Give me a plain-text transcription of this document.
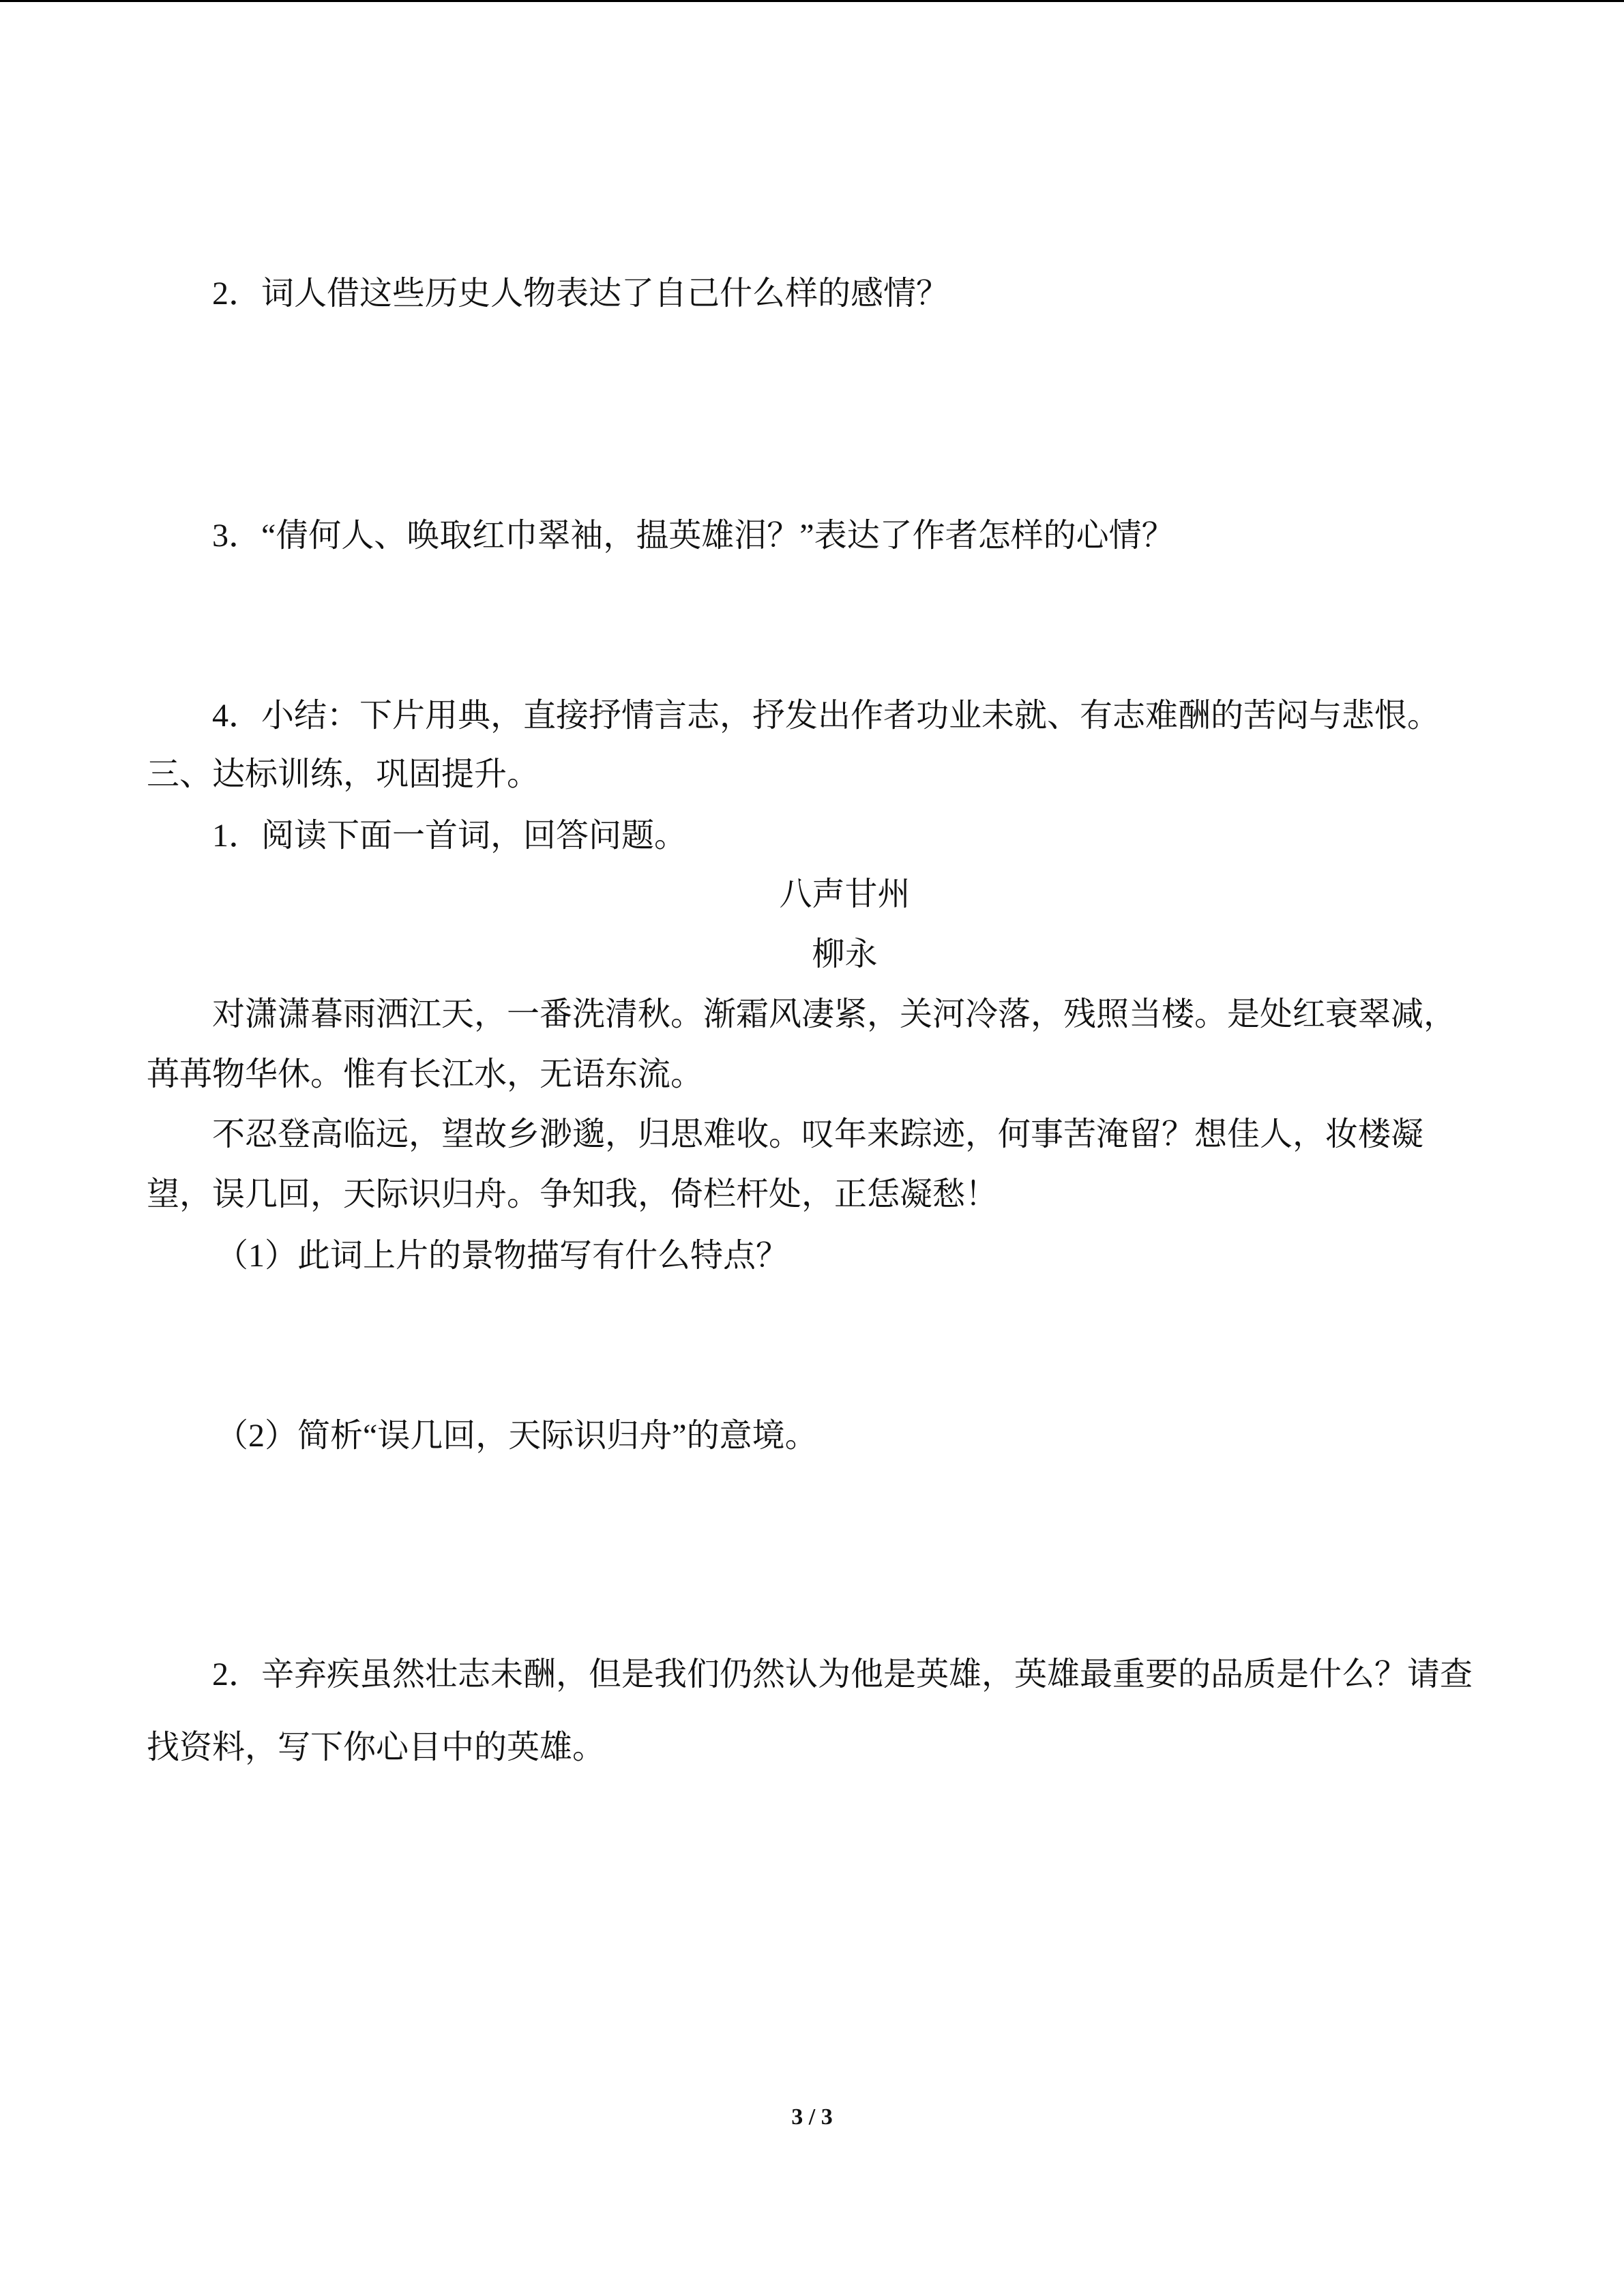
2．词人借这些历史人物表达了自己什么样的感情？
3．“倩何人、唤取红巾翠袖，揾英雄泪？”表达了作者怎样的心情？
4．小结：下片用典，直接抒情言志，抒发出作者功业未就、有志难酬的苦闷与悲恨。
三、达标训练，巩固提升。
1．阅读下面一首词，回答问题。
八声甘州
柳永
对潇潇暮雨洒江天，一番洗清秋。渐霜风凄紧，关河冷落，残照当楼。是处红衰翠减，
苒苒物华休。惟有长江水，无语东流。
不忍登高临远，望故乡渺邈，归思难收。叹年来踪迹，何事苦淹留？想佳人，妆楼凝
望，误几回，天际识归舟。争知我，倚栏杆处，正恁凝愁！
（1）此词上片的景物描写有什么特点？
（2）简析“误几回，天际识归舟”的意境。
2．辛弃疾虽然壮志未酬，但是我们仍然认为他是英雄，英雄最重要的品质是什么？请查
找资料，写下你心目中的英雄。
3 / 3
